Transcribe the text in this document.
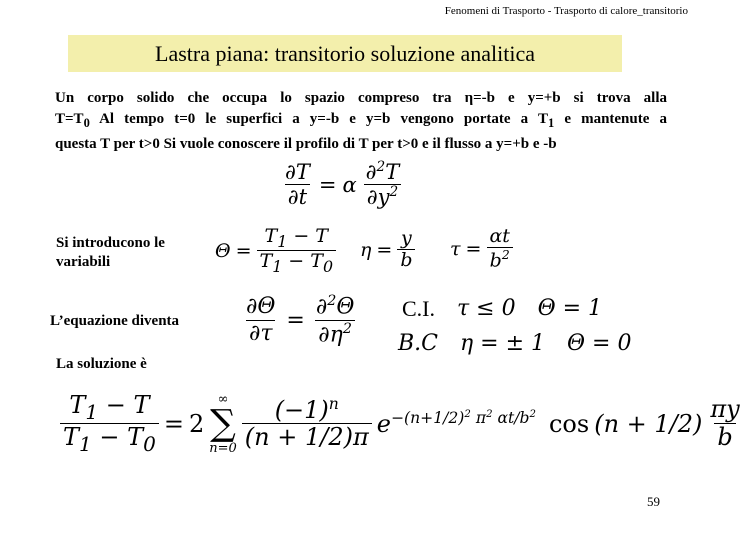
Fenomeni di Trasporto - Trasporto di calore_transitorio
Lastra piana: transitorio soluzione analitica
Un corpo solido che occupa lo spazio compreso tra η=-b e y=+b si trova alla
$T=T_0$ Al tempo t=0 le superfici a y=-b e y=b vengono portate a $T_1$ e mantenute a
questa T per t>0 Si vuole conoscere il profilo di T per t>0 e il flusso a y=+b e -b
$\frac{\partial T}{\partial t} = \alpha \frac{\partial^2T}{\partial y^2}$
Si introducono le variabili	$\Theta = \frac{T_1 - T}{T_1 - T_0}$ $\eta = \frac{y}{b}$ $\tau = \frac{\alpha t}{b^2}$
L’equazione diventa	$\frac{\partial\Theta}{\partial\tau} = \frac{\partial^2\Theta}{\partial\eta^2} C.I$. τ ≤ 0 Θ = 1
B.C η = ± 1 Θ = 0
La soluzione è
$\frac{T_1 - T}{T_1 - T_0} = 2$
∞
∑
$n=0 \frac{(-1)^n}{(n + 1/2)\pi} e^{-(n+1/2)^2 \pi^2 \alpha t/b^2}$ $\cos (n + 1/2) \frac{\pi y}{b}$
59
